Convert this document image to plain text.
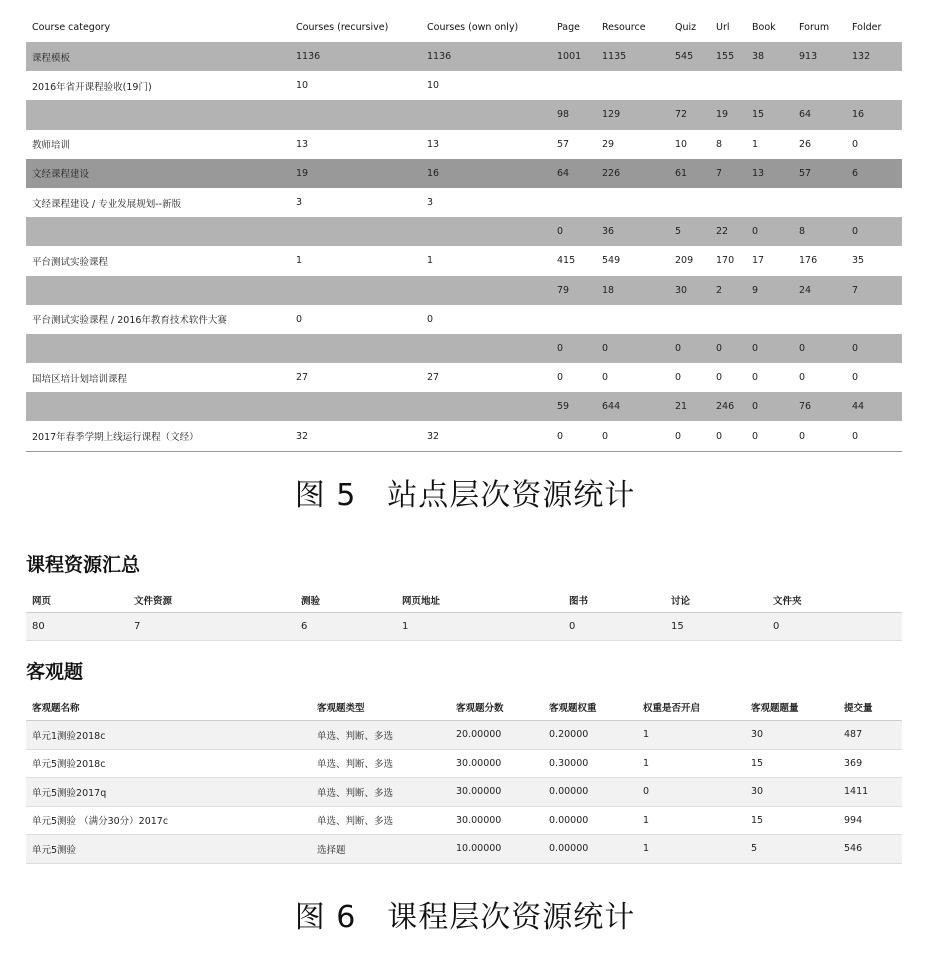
Course category	Courses (recursive)	Courses (own only)	Page	Resource	Quiz	Url	Book	Forum	Folder
课程模板	1136	1136	1001	1135	545	155	38	913	132
2016年省开课程验收(19门)	10	10							
			98	129	72	19	15	64	16
教师培训	13	13	57	29	10	8	1	26	0
文经课程建设	19	16	64	226	61	7	13	57	6
文经课程建设 / 专业发展规划--新版	3	3							
			0	36	5	22	0	8	0
平台测试实验课程	1	1	415	549	209	170	17	176	35
			79	18	30	2	9	24	7
平台测试实验课程 / 2016年教育技术软件大赛	0	0							
			0	0	0	0	0	0	0
国培区培计划培训课程	27	27	0	0	0	0	0	0	0
			59	644	21	246	0	76	44
2017年春季学期上线运行课程（文经）	32	32	0	0	0	0	0	0	0
图 5　站点层次资源统计
课程资源汇总
网页	文件资源	测验	网页地址	图书	讨论	文件夹
80	7	6	1	0	15	0
客观题
客观题名称	客观题类型	客观题分数	客观题权重	权重是否开启	客观题题量	提交量
单元1测验2018c	单选、判断、多选	20.00000	0.20000	1	30	487
单元5测验2018c	单选、判断、多选	30.00000	0.30000	1	15	369
单元5测验2017q	单选、判断、多选	30.00000	0.00000	0	30	1411
单元5测验 （满分30分）2017c	单选、判断、多选	30.00000	0.00000	1	15	994
单元5测验	选择题	10.00000	0.00000	1	5	546
图 6　课程层次资源统计
